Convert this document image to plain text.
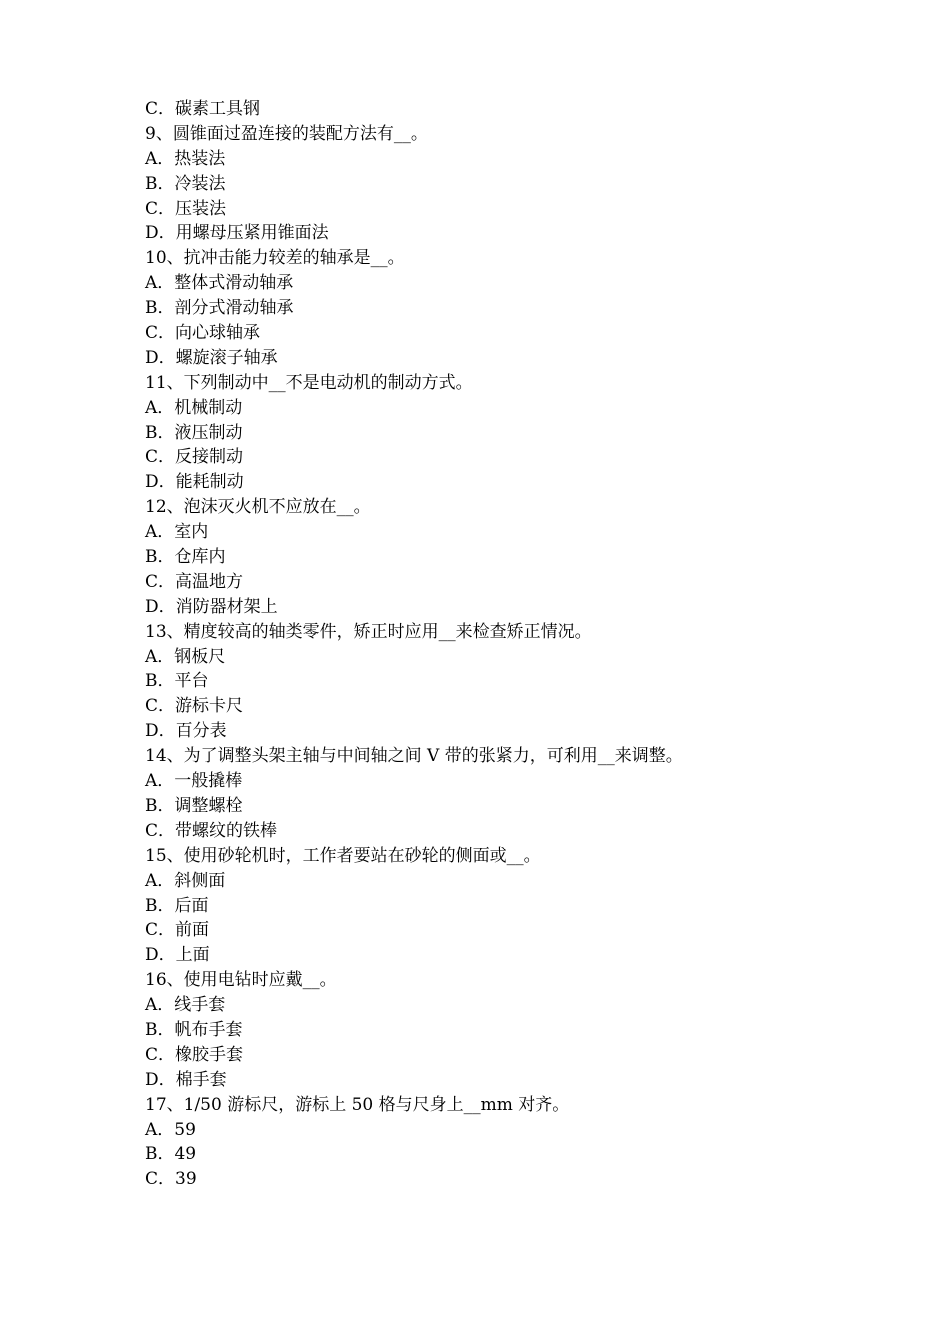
C．碳素工具钢
9、圆锥面过盈连接的装配方法有__。
A．热装法
B．冷装法
C．压装法
D．用螺母压紧用锥面法
10、抗冲击能力较差的轴承是__。
A．整体式滑动轴承
B．剖分式滑动轴承
C．向心球轴承
D．螺旋滚子轴承
11、下列制动中__不是电动机的制动方式。
A．机械制动
B．液压制动
C．反接制动
D．能耗制动
12、泡沫灭火机不应放在__。
A．室内
B．仓库内
C．高温地方
D．消防器材架上
13、精度较高的轴类零件，矫正时应用__来检查矫正情况。
A．钢板尺
B．平台
C．游标卡尺
D．百分表
14、为了调整头架主轴与中间轴之间 V 带的张紧力，可利用__来调整。
A．一般撬棒
B．调整螺栓
C．带螺纹的铁棒
15、使用砂轮机时，工作者要站在砂轮的侧面或__。
A．斜侧面
B．后面
C．前面
D．上面
16、使用电钻时应戴__。
A．线手套
B．帆布手套
C．橡胶手套
D．棉手套
17、1/50 游标尺，游标上 50 格与尺身上__mm 对齐。
A．59
B．49
C．39
